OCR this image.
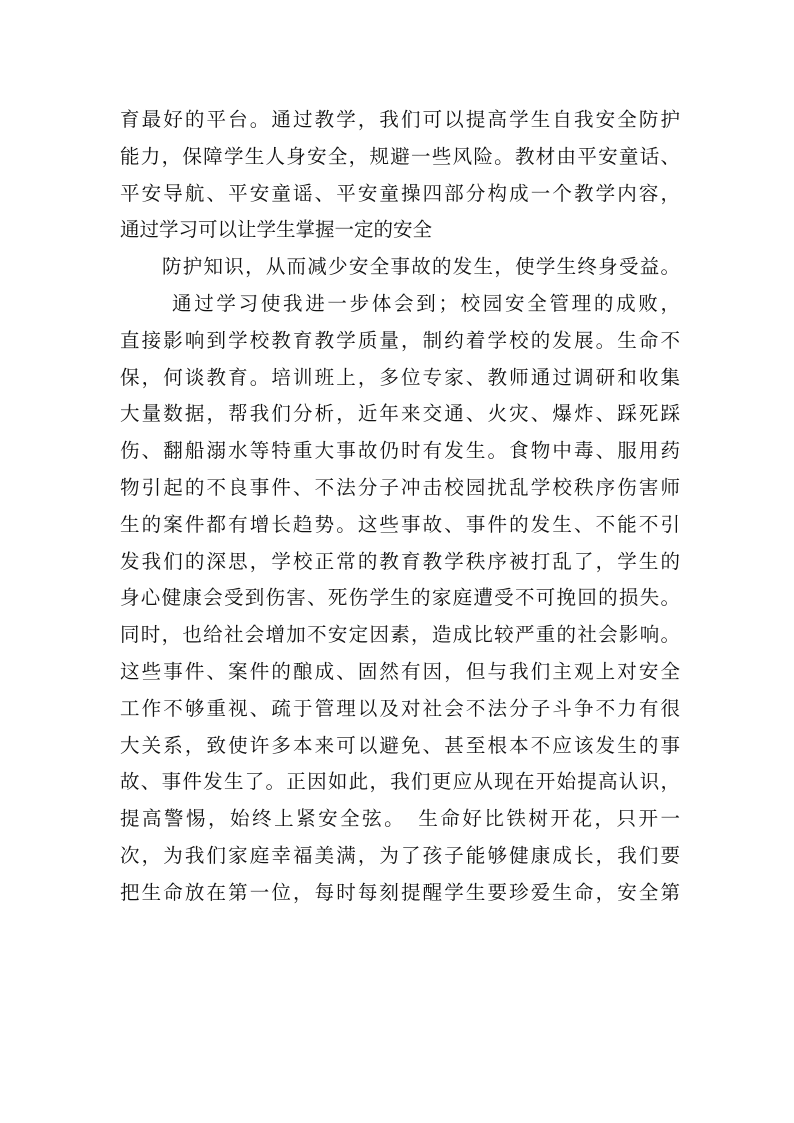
育最好的平台。通过教学，我们可以提高学生自我安全防护
能力，保障学生人身安全，规避一些风险。教材由平安童话、
平安导航、平安童谣、平安童操四部分构成一个教学内容，
通过学习可以让学生掌握一定的安全
防护知识，从而减少安全事故的发生，使学生终身受益。
通过学习使我进一步体会到；校园安全管理的成败，
直接影响到学校教育教学质量，制约着学校的发展。生命不
保，何谈教育。培训班上，多位专家、教师通过调研和收集
大量数据，帮我们分析，近年来交通、火灾、爆炸、踩死踩
伤、翻船溺水等特重大事故仍时有发生。食物中毒、服用药
物引起的不良事件、不法分子冲击校园扰乱学校秩序伤害师
生的案件都有增长趋势。这些事故、事件的发生、不能不引
发我们的深思，学校正常的教育教学秩序被打乱了，学生的
身心健康会受到伤害、死伤学生的家庭遭受不可挽回的损失。
同时，也给社会增加不安定因素，造成比较严重的社会影响。
这些事件、案件的酿成、固然有因，但与我们主观上对安全
工作不够重视、疏于管理以及对社会不法分子斗争不力有很
大关系，致使许多本来可以避免、甚至根本不应该发生的事
故、事件发生了。正因如此，我们更应从现在开始提高认识，
提高警惕，始终上紧安全弦。　生命好比铁树开花，只开一
次，为我们家庭幸福美满，为了孩子能够健康成长，我们要
把生命放在第一位，每时每刻提醒学生要珍爱生命，安全第
